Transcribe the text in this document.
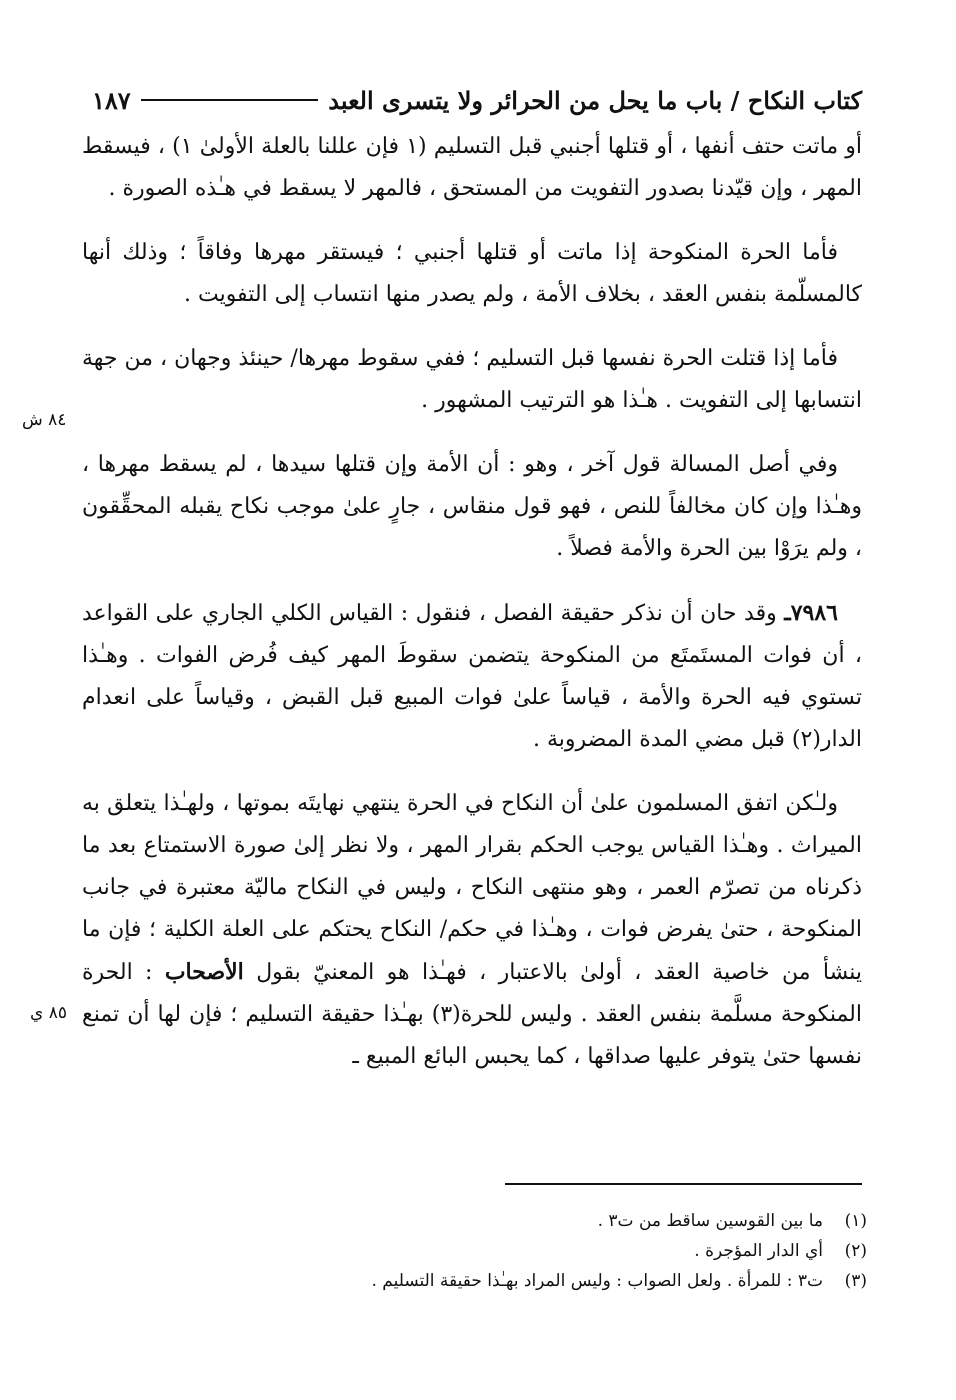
كتاب النكاح / باب ما يحل من الحرائر ولا يتسرى العبد
١٨٧

أو ماتت حتف أنفها ، أو قتلها أجنبي قبل التسليم (١ فإن عللنا بالعلة الأولىٰ ١) ، فيسقط المهر ، وإن قيّدنا بصدور التفويت من المستحق ، فالمهر لا يسقط في هـٰذه الصورة .

فأما الحرة المنكوحة إذا ماتت أو قتلها أجنبي ؛ فيستقر مهرها وفاقاً ؛ وذلك أنها كالمسلّمة بنفس العقد ، بخلاف الأمة ، ولم يصدر منها انتساب إلى التفويت .

فأما إذا قتلت الحرة نفسها قبل التسليم ؛ ففي سقوط مهرها/ حينئذ وجهان ، من جهة انتسابها إلى التفويت . هـٰذا هو الترتيب المشهور .

وفي أصل المسالة قول آخر ، وهو : أن الأمة وإن قتلها سيدها ، لم يسقط مهرها ، وهـٰذا وإن كان مخالفاً للنص ، فهو قول منقاس ، جارٍ علىٰ موجب نكاح يقبله المحقِّقون ، ولم يرَوْا بين الحرة والأمة فصلاً .

٧٩٨٦ـ وقد حان أن نذكر حقيقة الفصل ، فنقول : القياس الكلي الجاري على القواعد ، أن فوات المستَمتَع من المنكوحة يتضمن سقوطَ المهر كيف فُرض الفوات . وهـٰذا تستوي فيه الحرة والأمة ، قياساً علىٰ فوات المبيع قبل القبض ، وقياساً على انعدام الدار(٢) قبل مضي المدة المضروبة .

ولـٰكن اتفق المسلمون علىٰ أن النكاح في الحرة ينتهي نهايتَه بموتها ، ولهـٰذا يتعلق به الميراث . وهـٰذا القياس يوجب الحكم بقرار المهر ، ولا نظر إلىٰ صورة الاستمتاع بعد ما ذكرناه من تصرّم العمر ، وهو منتهى النكاح ، وليس في النكاح ماليّة معتبرة في جانب المنكوحة ، حتىٰ يفرض فوات ، وهـٰذا في حكم/ النكاح يحتكم على العلة الكلية ؛ فإن ما ينشأ من خاصية العقد ، أولىٰ بالاعتبار ، فهـٰذا هو المعنيّ بقول الأصحاب : الحرة المنكوحة مسلَّمة بنفس العقد . وليس للحرة(٣) بهـٰذا حقيقة التسليم ؛ فإن لها أن تمنع نفسها حتىٰ يتوفر عليها صداقها ، كما يحبس البائع المبيع ـ

٨٤ ش
٨٥ ي
(١)
ما بين القوسين ساقط من ت٣ .
(٢)
أي الدار المؤجرة .
(٣)
ت٣ : للمرأة . ولعل الصواب : وليس المراد بهـٰذا حقيقة التسليم .
